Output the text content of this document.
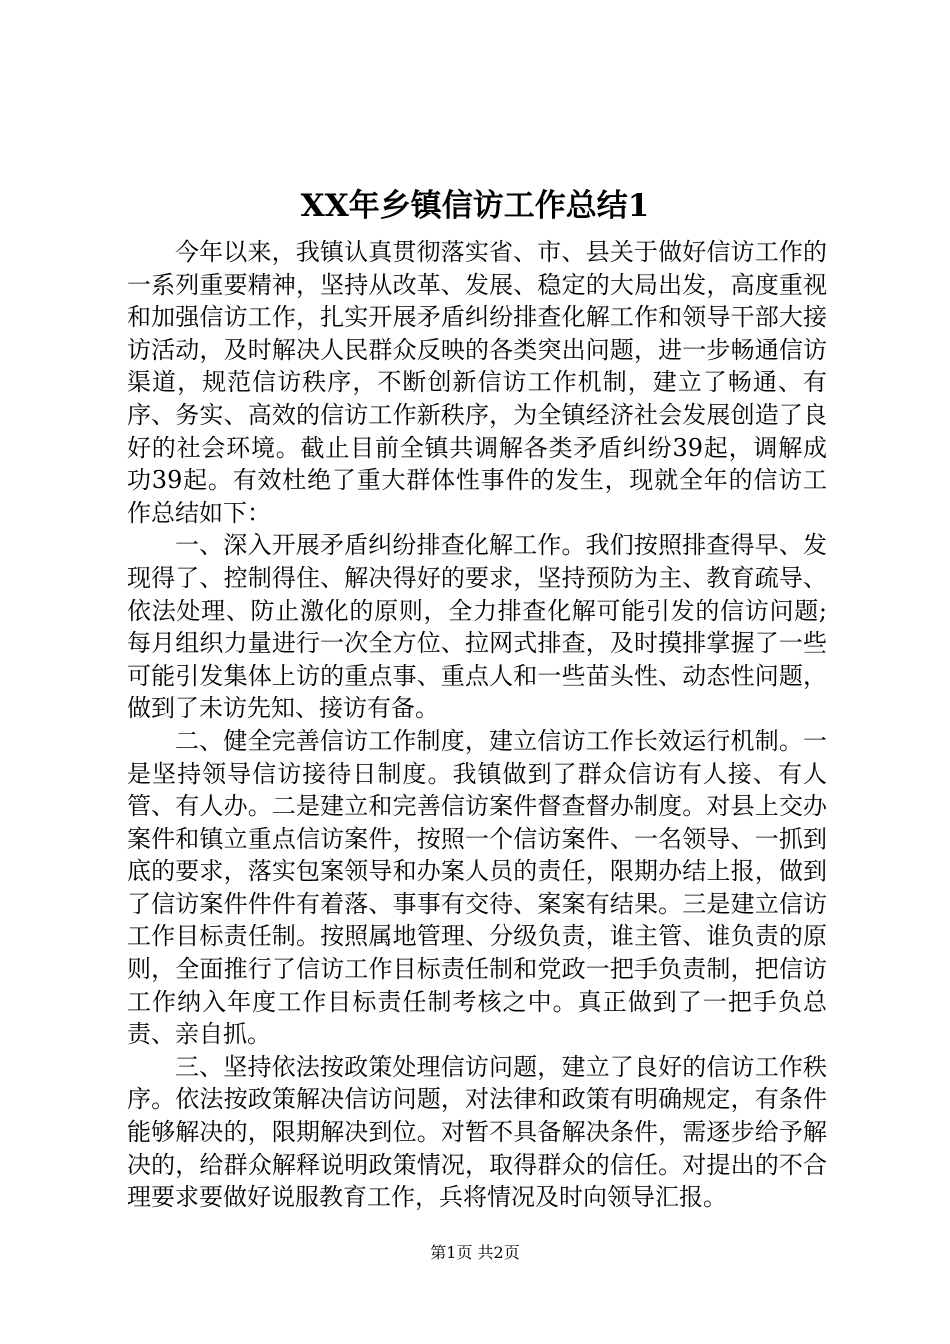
XX年乡镇信访工作总结1

今年以来，我镇认真贯彻落实省、市、县关于做好信访工作的一系列重要精神，坚持从改革、发展、稳定的大局出发，高度重视和加强信访工作，扎实开展矛盾纠纷排查化解工作和领导干部大接访活动，及时解决人民群众反映的各类突出问题，进一步畅通信访渠道，规范信访秩序，不断创新信访工作机制，建立了畅通、有序、务实、高效的信访工作新秩序，为全镇经济社会发展创造了良好的社会环境。截止目前全镇共调解各类矛盾纠纷39起，调解成功39起。有效杜绝了重大群体性事件的发生，现就全年的信访工作总结如下：

一、深入开展矛盾纠纷排查化解工作。我们按照排查得早、发现得了、控制得住、解决得好的要求，坚持预防为主、教育疏导、依法处理、防止激化的原则，全力排查化解可能引发的信访问题;每月组织力量进行一次全方位、拉网式排查，及时摸排掌握了一些可能引发集体上访的重点事、重点人和一些苗头性、动态性问题，做到了未访先知、接访有备。

二、健全完善信访工作制度，建立信访工作长效运行机制。一是坚持领导信访接待日制度。我镇做到了群众信访有人接、有人管、有人办。二是建立和完善信访案件督查督办制度。对县上交办案件和镇立重点信访案件，按照一个信访案件、一名领导、一抓到底的要求，落实包案领导和办案人员的责任，限期办结上报，做到了信访案件件件有着落、事事有交待、案案有结果。三是建立信访工作目标责任制。按照属地管理、分级负责，谁主管、谁负责的原则，全面推行了信访工作目标责任制和党政一把手负责制，把信访工作纳入年度工作目标责任制考核之中。真正做到了一把手负总责、亲自抓。

三、坚持依法按政策处理信访问题，建立了良好的信访工作秩序。依法按政策解决信访问题，对法律和政策有明确规定，有条件能够解决的，限期解决到位。对暂不具备解决条件，需逐步给予解决的，给群众解释说明政策情况，取得群众的信任。对提出的不合理要求要做好说服教育工作，兵将情况及时向领导汇报。

第1页 共2页
